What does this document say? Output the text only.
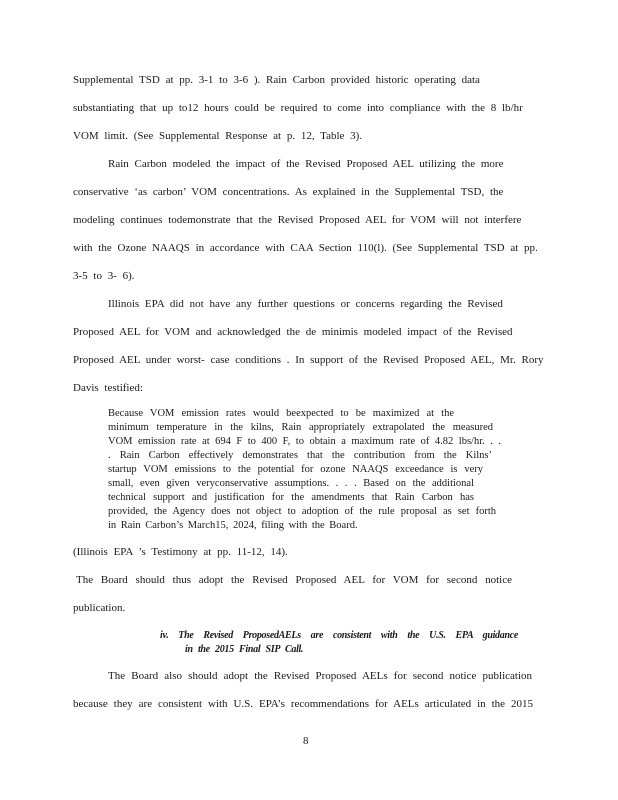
Supplemental TSD at pp. 3-1 to 3-6 ). Rain Carbon provided historic operating data
substantiating that up to12 hours could be required to come into compliance with the 8 lb/hr
VOM limit. (See Supplemental Response at p. 12, Table 3).
Rain Carbon modeled the impact of the Revised Proposed AEL utilizing the more
conservative ‘as carbon’ VOM concentrations. As explained in the Supplemental TSD, the
modeling continues todemonstrate that the Revised Proposed AEL for VOM will not interfere
with the Ozone NAAQS in accordance with CAA Section 110(l). (See Supplemental TSD at pp.
3-5 to 3- 6).
Illinois EPA did not have any further questions or concerns regarding the Revised
Proposed AEL for VOM and acknowledged the de minimis modeled impact of the Revised
Proposed AEL under worst- case conditions . In support of the Revised Proposed AEL, Mr. Rory
Davis testified:
Because VOM emission rates would beexpected to be maximized at the
minimum temperature in the kilns, Rain appropriately extrapolated the measured
VOM emission rate at 694 F to 400 F, to obtain a maximum rate of 4.82 lbs/hr. . .
. Rain Carbon effectively demonstrates that the contribution from the Kilns’
startup VOM emissions to the potential for ozone NAAQS exceedance is very
small, even given veryconservative assumptions. . . . Based on the additional
technical support and justification for the amendments that Rain Carbon has
provided, the Agency does not object to adoption of the rule proposal as set forth
in Rain Carbon’s March15, 2024, filing with the Board.
(Illinois EPA ’s Testimony at pp. 11-12, 14).
The Board should thus adopt the Revised Proposed AEL for VOM for second notice
publication.
iv. The Revised ProposedAELs are consistent with the U.S. EPA guidance
in the 2015 Final SIP Call.
The Board also should adopt the Revised Proposed AELs for second notice publication
because they are consistent with U.S. EPA’s recommendations for AELs articulated in the 2015
8
